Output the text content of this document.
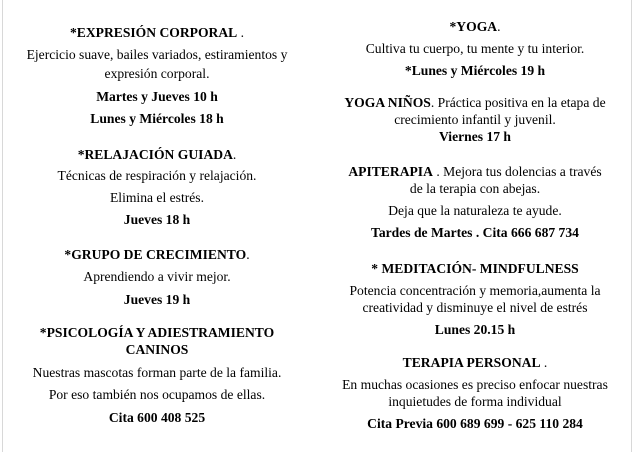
*EXPRESIÓN CORPORAL .
Ejercicio suave, bailes variados, estiramientos y
expresión corporal.
Martes y Jueves 10 h
Lunes y Miércoles 18 h
*RELAJACIÓN GUIADA.
Técnicas de respiración y relajación.
Elimina el estrés.
Jueves 18 h
*GRUPO DE CRECIMIENTO.
Aprendiendo a vivir mejor.
Jueves 19 h
*PSICOLOGÍA Y ADIESTRAMIENTO
CANINOS
Nuestras mascotas forman parte de la familia.
Por eso también nos ocupamos de ellas.
Cita 600 408 525
*YOGA.
Cultiva tu cuerpo, tu mente y tu interior.
*Lunes y Miércoles 19 h
YOGA NIÑOS. Práctica positiva en la etapa de
crecimiento infantil y juvenil.
Viernes 17 h
APITERAPIA . Mejora tus dolencias a través
de la terapia con abejas.
Deja que la naturaleza te ayude.
Tardes de Martes . Cita 666 687 734
* MEDITACIÓN- MINDFULNESS
Potencia concentración y memoria,aumenta la
creatividad y disminuye el nivel de estrés
Lunes 20.15 h
TERAPIA PERSONAL .
En muchas ocasiones es preciso enfocar nuestras
inquietudes de forma individual
Cita Previa 600 689 699 - 625 110 284
